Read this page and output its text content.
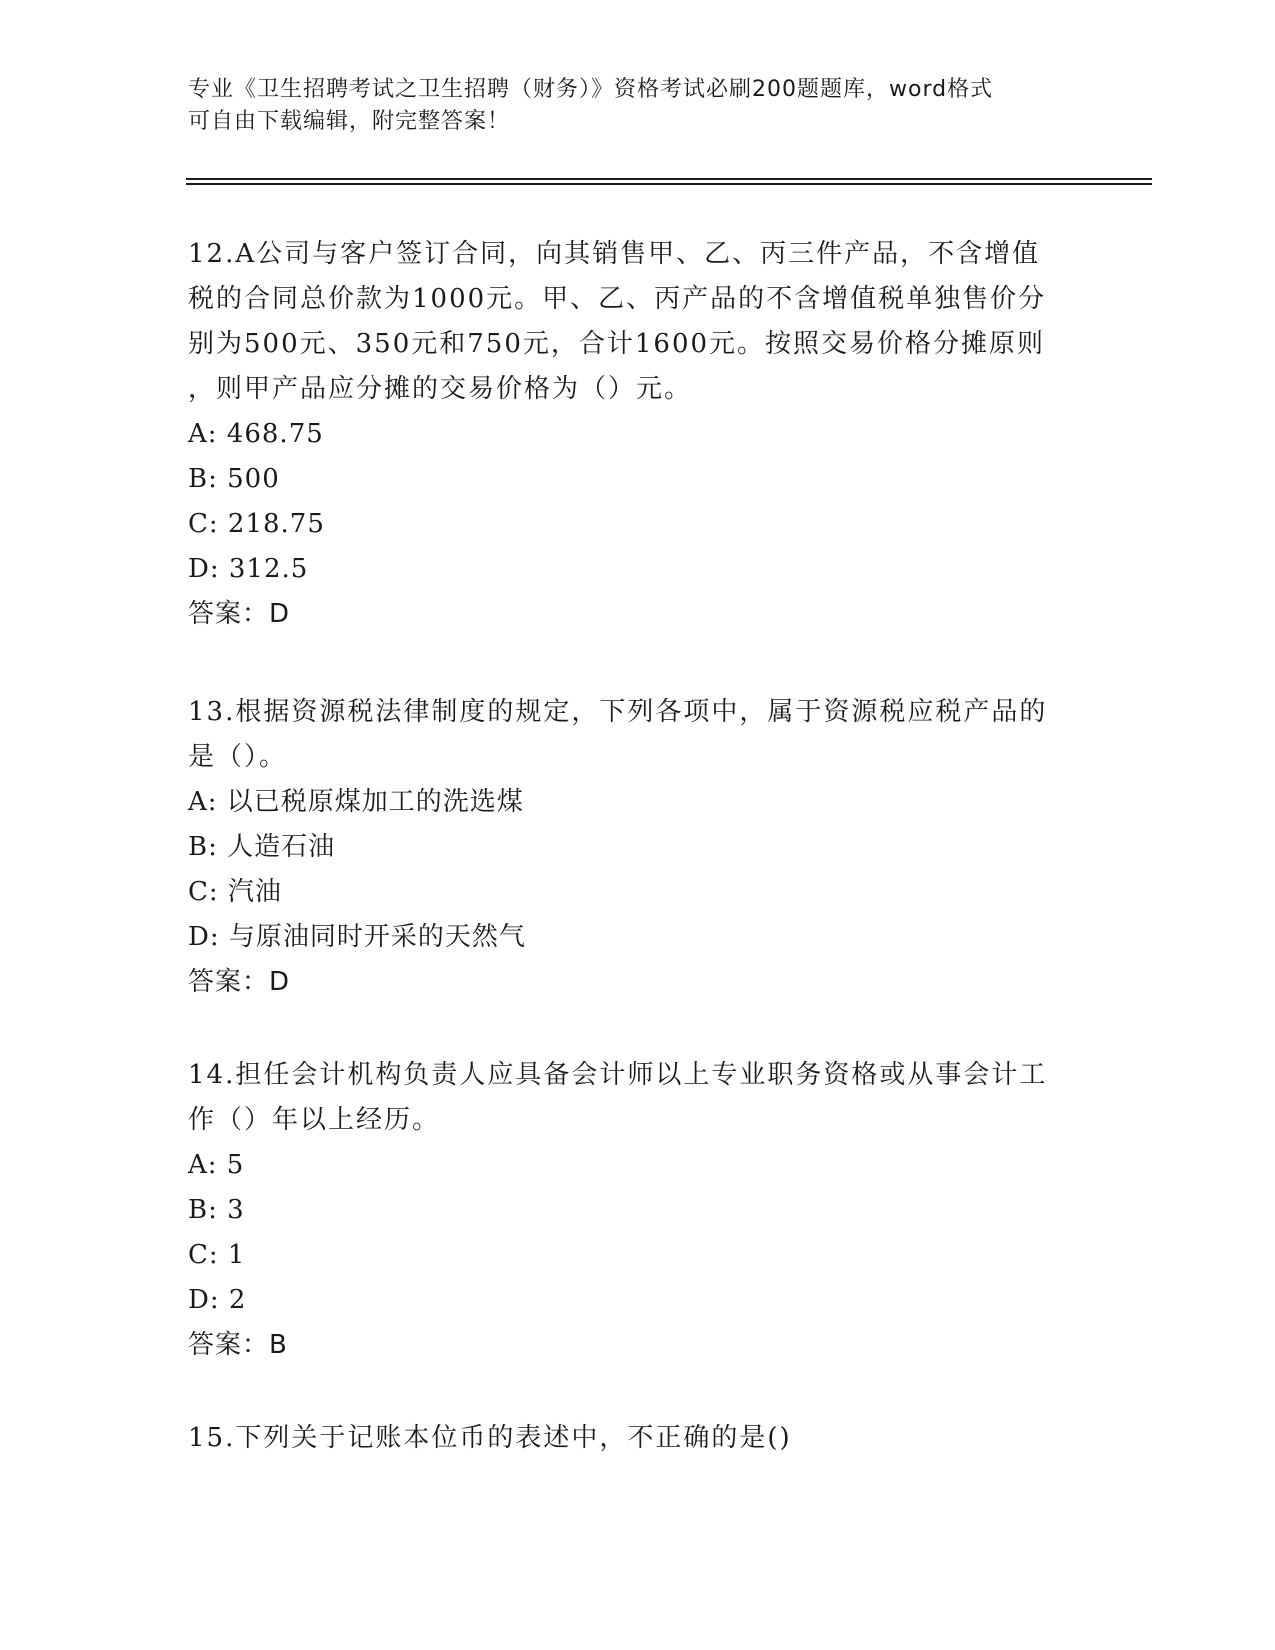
专业《卫生招聘考试之卫生招聘（财务）》资格考试必刷200题题库，word格式
可自由下载编辑，附完整答案！
12.A公司与客户签订合同，向其销售甲、乙、丙三件产品，不含增值
税的合同总价款为1000元。甲、乙、丙产品的不含增值税单独售价分
别为500元、350元和750元，合计1600元。按照交易价格分摊原则
，则甲产品应分摊的交易价格为（）元。
A: 468.75
B: 500
C: 218.75
D: 312.5
答案：D
13.根据资源税法律制度的规定，下列各项中，属于资源税应税产品的
是（）。
A: 以已税原煤加工的洗选煤
B: 人造石油
C: 汽油
D: 与原油同时开采的天然气
答案：D
14.担任会计机构负责人应具备会计师以上专业职务资格或从事会计工
作（）年以上经历。
A: 5
B: 3
C: 1
D: 2
答案：B
15.下列关于记账本位币的表述中，不正确的是()
